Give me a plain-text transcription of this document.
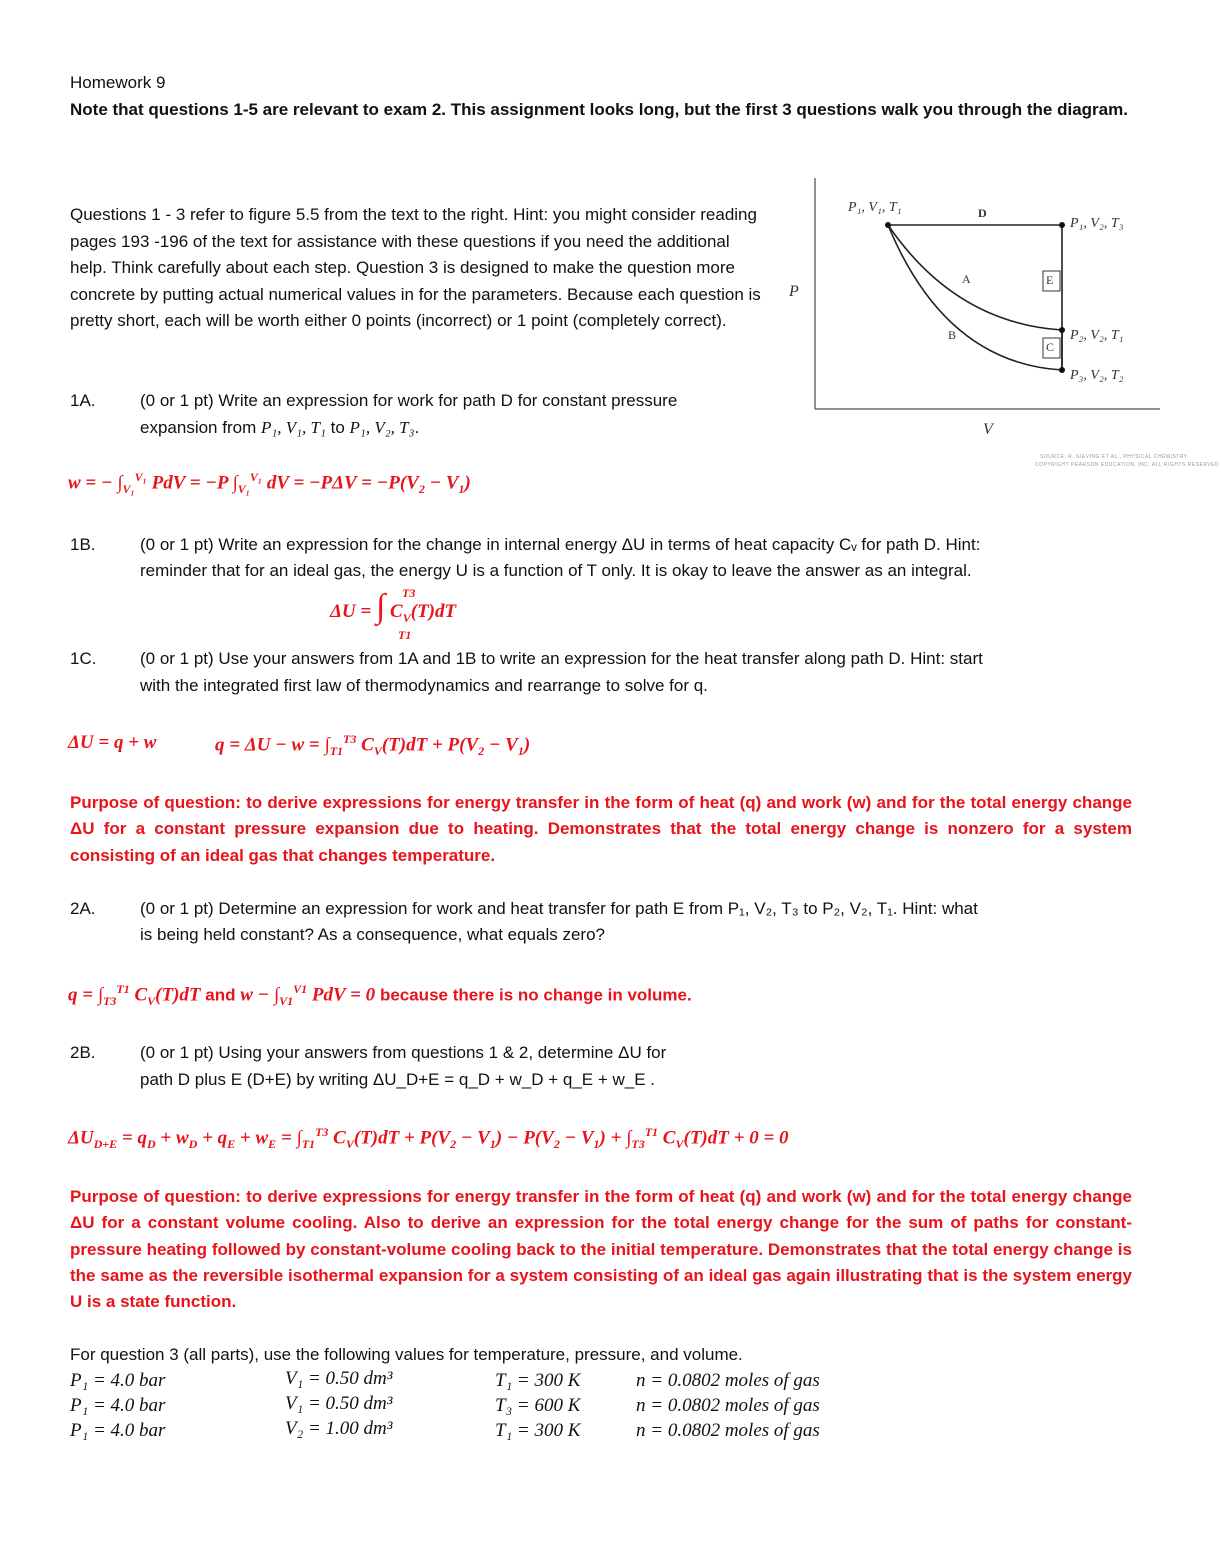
Homework 9
Note that questions 1-5 are relevant to exam 2. This assignment looks long, but the first 3 questions walk you through the diagram.
Questions 1 - 3 refer to figure 5.5 from the text to the right. Hint: you might consider reading pages 193 -196 of the text for assistance with these questions if you need the additional help. Think carefully about each step. Question 3 is designed to make the question more concrete by putting actual numerical values in for the parameters. Because each question is pretty short, each will be worth either 0 points (incorrect) or 1 point (completely correct).
P
V
P₁, V₁, T₁
P₁, V₂, T₃
P₂, V₂, T₁
P₃, V₂, T₂
D
A
B
E
C
SOURCE: R. SIEVING ET AL., PHYSICAL CHEMISTRY
COPYRIGHT PEARSON EDUCATION, INC. ALL RIGHTS RESERVED
1A.	(0 or 1 pt) Write an expression for work for path D for constant pressure
expansion from P₁, V₁, T₁ to P₁, V₂, T₃.
w = − $\int_{V_1}^{V_1}$ PdV = −P $\int_{V_1}^{V_1}$ dV = $-P\Delta V = -P(V_2 - V_1)$
1B.	(0 or 1 pt) Write an expression for the change in internal energy ΔU in terms of heat capacity Cᵥ for path D. Hint:
reminder that for an ideal gas, the energy U is a function of T only. It is okay to leave the answer as an integral.
ΔU = ∫ T3
T1
$C_V(T)dT$
1C.	(0 or 1 pt) Use your answers from 1A and 1B to write an expression for the heat transfer along path D. Hint: start
with the integrated first law of thermodynamics and rearrange to solve for q.
ΔU = q + w	$q = \Delta U - w = \int_{T1}^{T3}$ $C_V(T)dT + P(V_2 - V_1)$
Purpose of question: to derive expressions for energy transfer in the form of heat (q) and work (w) and for the total energy change ΔU for a constant pressure expansion due to heating. Demonstrates that the total energy change is nonzero for a system consisting of an ideal gas that changes temperature.
2A.	(0 or 1 pt) Determine an expression for work and heat transfer for path E from P₁, V₂, T₃ to P₂, V₂, T₁. Hint: what
is being held constant? As a consequence, what equals zero?
$q = \int_{T3}^{T1}$ $C_V(T)dT$ and $w - \int_{V1}^{V1}$ PdV = 0 because there is no change in volume.
2B.	(0 or 1 pt) Using your answers from questions 1 & 2, determine ΔU for
path D plus E (D+E) by writing ΔU_D+E = q_D + w_D + q_E + w_E .
$\Delta U_{D+E} = q_D + w_D + q_E + w_E = \int_{T1}^{T3}$ $C_V(T)dT + P(V_2 - V_1) - P(V_2 - V_1) + \int_{T3}^{T1}$ $C_V(T)dT + 0 = 0$
Purpose of question: to derive expressions for energy transfer in the form of heat (q) and work (w) and for the total energy change ΔU for a constant volume cooling. Also to derive an expression for the total energy change for the sum of paths for constant-pressure heating followed by constant-volume cooling back to the initial temperature. Demonstrates that the total energy change is the same as the reversible isothermal expansion for a system consisting of an ideal gas again illustrating that is the system energy U is a state function.
For question 3 (all parts), use the following values for temperature, pressure, and volume.
P₁ = 4.0 bar	V₁ = 0.50 dm³	T₁ = 300 K	n = 0.0802 moles of gas
P₁ = 4.0 bar	V₁ = 0.50 dm³	T₃ = 600 K	n = 0.0802 moles of gas
P₁ = 4.0 bar	V₂ = 1.00 dm³	T₁ = 300 K	n = 0.0802 moles of gas
